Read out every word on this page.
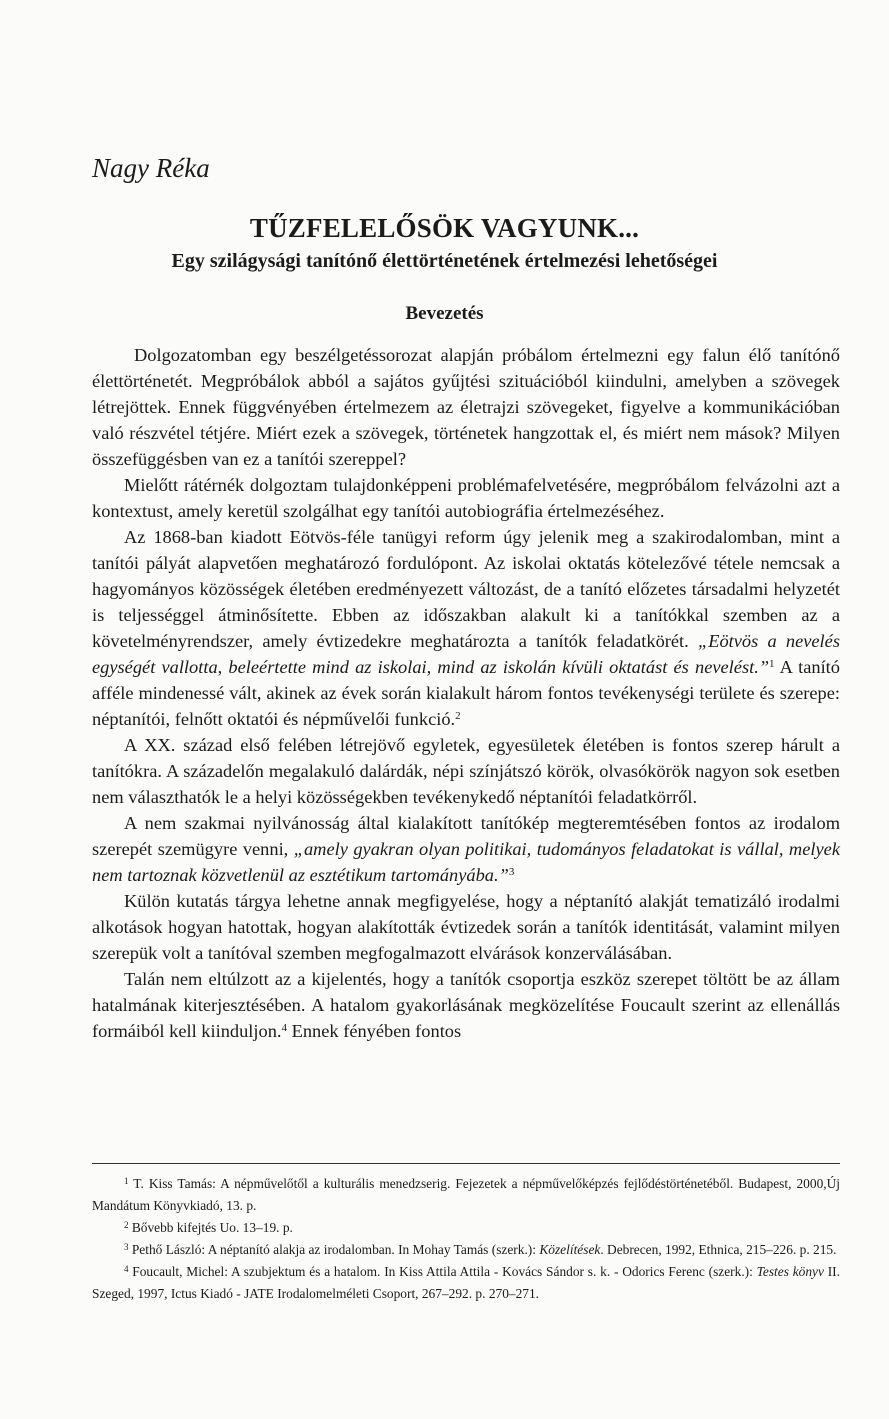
Nagy Réka
TŰZFELELŐSÖK VAGYUNK...
Egy szilágysági tanítónő élettörténetének értelmezési lehetőségei
Bevezetés

Dolgozatomban egy beszélgetéssorozat alapján próbálom értelmezni egy falun élő tanítónő élettörténetét. Megpróbálok abból a sajátos gyűjtési szituációból kiindulni, amelyben a szövegek létrejöttek. Ennek függvényében értelmezem az életrajzi szövegeket, figyelve a kommunikációban való részvétel tétjére. Miért ezek a szövegek, történetek hangzottak el, és miért nem mások? Milyen összefüggésben van ez a tanítói szereppel?

Mielőtt rátérnék dolgoztam tulajdonképpeni problémafelvetésére, megpróbálom felvázolni azt a kontextust, amely keretül szolgálhat egy tanítói autobiográfia értelmezéséhez.

Az 1868-ban kiadott Eötvös-féle tanügyi reform úgy jelenik meg a szakirodalomban, mint a tanítói pályát alapvetően meghatározó fordulópont. Az iskolai oktatás kötelezővé tétele nemcsak a hagyományos közösségek életében eredményezett változást, de a tanító előzetes társadalmi helyzetét is teljességgel átminősítette. Ebben az időszakban alakult ki a tanítókkal szemben az a követelményrendszer, amely évtizedekre meghatározta a tanítók feladatkörét. „Eötvös a nevelés egységét vallotta, beleértette mind az iskolai, mind az iskolán kívüli oktatást és nevelést.”$^1$ A tanító afféle mindenessé vált, akinek az évek során kialakult három fontos tevékenységi területe és szerepe: néptanítói, felnőtt oktatói és népművelői funkció.$^2$

A XX. század első felében létrejövő egyletek, egyesületek életében is fontos szerep hárult a tanítókra. A századelőn megalakuló dalárdák, népi színjátszó körök, olvasókörök nagyon sok esetben nem választhatók le a helyi közösségekben tevékenykedő néptanítói feladatkörről.

A nem szakmai nyilvánosság által kialakított tanítókép megteremtésében fontos az irodalom szerepét szemügyre venni, „amely gyakran olyan politikai, tudományos feladatokat is vállal, melyek nem tartoznak közvetlenül az esztétikum tartományába.”$^3$

Külön kutatás tárgya lehetne annak megfigyelése, hogy a néptanító alakját tematizáló irodalmi alkotások hogyan hatottak, hogyan alakították évtizedek során a tanítók identitását, valamint milyen szerepük volt a tanítóval szemben megfogalmazott elvárások konzerválásában.

Talán nem eltúlzott az a kijelentés, hogy a tanítók csoportja eszköz szerepet töltött be az állam hatalmának kiterjesztésében. A hatalom gyakorlásának megközelítése Foucault szerint az ellenállás formáiból kell kiinduljon.$^4$ Ennek fényében fontos

$^1$ T. Kiss Tamás: A népművelőtől a kulturális menedzserig. Fejezetek a népművelőképzés fejlődéstörténetéből. Budapest, 2000,Új Mandátum Könyvkiadó, 13. p.

$^2$ Bővebb kifejtés Uo. 13–19. p.

$^3$ Pethő László: A néptanító alakja az irodalomban. In Mohay Tamás (szerk.): Közelítések. Debrecen, 1992, Ethnica, 215–226. p. 215.

$^4$ Foucault, Michel: A szubjektum és a hatalom. In Kiss Attila Attila - Kovács Sándor s. k. - Odorics Ferenc (szerk.): Testes könyv II. Szeged, 1997, Ictus Kiadó - JATE Irodalomelméleti Csoport, 267–292. p. 270–271.
